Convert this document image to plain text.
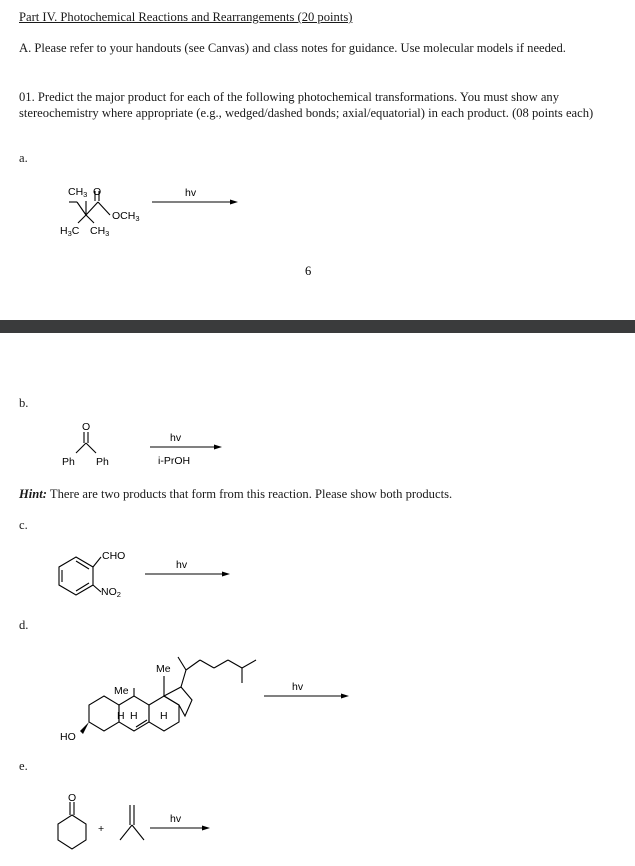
Part IV. Photochemical Reactions and Rearrangements (20 points)
A. Please refer to your handouts (see Canvas) and class notes for guidance. Use molecular models if needed.
01. Predict the major product for each of the following photochemical transformations. You must show any stereochemistry where appropriate (e.g., wedged/dashed bonds; axial/equatorial) in each product. (08 points each)
a.
CH3 O
OCH3
H3C CH3
hv
6
b.
O
Ph Ph
hv
i-PrOH
Hint: There are two products that form from this reaction. Please show both products.
c.
CHO
NO2
hv
d.
HO
Me
Me
H H H
hv
e.
O
+
hv
